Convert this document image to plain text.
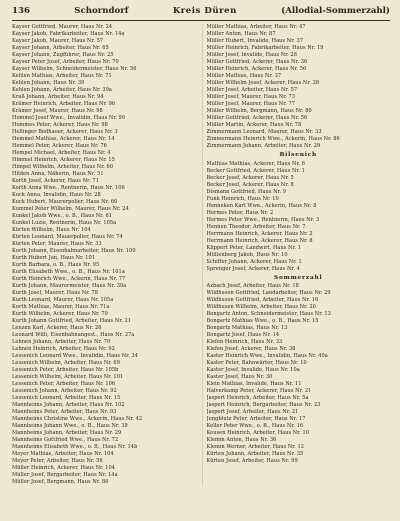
136	Schorndorf	Kreis Düren	(Allodial-Sommerzahl)
Kayser Gottfried, Maurer, Haus Nr. 24
Kayser Jakob, Fabrikarbeiter, Haus Nr. 14a
Kayser Jakob, Maurer, Haus Nr. 57
Kayser Johann, Arbeiter, Haus Nr. 65
Kayser Johann, Zugführer, Haus Nr. 25
Kayser Peter Josef, Arbeiter, Haus Nr. 70
Kayser Wilhelm, Schneidermeister, Haus Nr. 56
Kehlen Mathias, Arbeiter, Haus Nr. 71
Kehlen Johann, Haus Nr. 39
Kehlen Johann, Arbeiter, Haus Nr. 39a
Kraß Johann, Arbeiter, Haus Nr. 94
Krämer Heinrich, Arbeiter, Haus Nr. 96
Krämer Josef, Maurer, Haus Nr. 98
Hommel Josef Wwe., Invalidin, Haus Nr. 90
Hommes Peter, Ackerer, Haus Nr. 98
Hellinger Bedhauer, Ackerer, Haus Nr. 3
Hemmel Mathias, Ackerer, Haus Nr. 14
Hemmel Peter, Ackerer, Haus Nr. 76
Hempel Michael, Arbeiter, Haus Nr. 4
Himmel Heinrich, Ackerer, Haus Nr. 15
Himpel Wilhelm, Arbeiter, Haus Nr. 60
Hilden Anna, Näherin, Haus Nr. 51
Korth Josef, Ackerer, Haus Nr. 71
Korth Anna Wwe., Rentnerin, Haus Nr. 106
Kuck Anna, Invalidin, Haus Nr. 28
Kuck Hubert, Maurerpolier, Haus Nr. 60
Kummel Peter Wilhelm, Maurer, Haus Nr. 24
Kunkel Jakob Wwe., o. B., Haus Nr. 61
Kunkel Luzie, Rentnerin, Haus Nr. 105a
Kürten Wilhelm, Haus Nr. 104
Kürten Leonard, Mauerpolier, Haus Nr. 74
Kürten Peter, Maurer, Haus Nr. 33
Kurth Johann, Eisenbahnarbeiter, Haus Nr. 100
Kurth Hubert Jan, Haus Nr. 101
Kurth Barbara, o. B., Haus Nr. 95
Kurth Elisabeth Wwe., o. B., Haus Nr. 101a
Kurth Heinrich Wwe., Ackerin, Haus Nr. 77
Kurth Johann, Maurermeister, Haus Nr. 39a
Kurth Josef, Maurer, Haus Nr. 78
Kurth Leonard, Maurer, Haus Nr. 105a
Kurth Mathias, Maurer, Haus Nr. 71a
Kurth Wilhelm, Ackerer, Haus Nr. 79
Kurth Johann Gottfried, Arbeiter, Haus Nr. 21
Lenzen Karl, Ackerer, Haus Nr. 26
Leonard Willi, Eisenbahnangest., Haus Nr. 27a
Lehnen Johann, Arbeiter, Haus Nr. 70
Lehnen Heinrich, Arbeiter, Haus Nr. 92
Lessenich Leonard Wwe., Invalidin, Haus Nr. 34
Lessenich Wilhelm, Arbeiter, Haus Nr. 69
Lessenich Peter, Arbeiter, Haus Nr. 105b
Lessenich Wilhelm, Arbeiter, Haus Nr. 101
Lessenich Peter, Arbeiter, Haus Nr. 106
Lessenich Johann, Arbeiter, Haus Nr. 92
Lessenich Leonard, Arbeiter, Haus Nr. 15
Mannheims Johann, Arbeiter, Haus Nr. 102
Mannheims Peter, Arbeiter, Haus Nr. 93
Mannheims Christine Wwe., Ackerin, Haus Nr. 42
Mannheims Johann Wwe., o. B., Haus Nr. 39
Mannheims Johann, Arbeiter, Haus Nr. 29
Mannheims Gottfried Wwe., Haus Nr. 72
Mannheims Elisabeth Wwe., o. B., Haus Nr. 14b
Meyer Mathias, Arbeiter, Haus Nr. 104
Meyer Peter, Arbeiter, Haus Nr. 56
Müller Heinrich, Ackerer, Haus Nr. 104
Müller Josef, Bergarbeiter, Haus Nr. 14a
Müller Josef, Bergmann, Haus Nr. 80
Müller Mathias, Arbeiter, Haus Nr. 47
Müller Anton, Haus Nr. 87
Müller Hubert, Invalide, Haus Nr. 37
Müller Heinrich, Fabrikarbeiter, Haus Nr. 19
Müller Josef, Invalide, Haus Nr. 28
Müller Gottfried, Ackerer, Haus Nr. 36
Müller Heinrich, Ackerer, Haus Nr. 56
Müller Mathias, Haus Nr. 37
Müller Wilhelm Josef, Ackerer, Haus Nr. 28
Müller Josef, Arbeiter, Haus Nr. 57
Müller Josef, Maurer, Haus Nr. 73
Müller Josef, Maurer, Haus Nr. 77
Müller Wilhelm, Bergmann, Haus Nr. 80
Müller Gottfried, Ackerer, Haus Nr. 56
Müller Martin, Ackerer, Haus Nr. 78
Zimmermann Leonard, Maurer, Haus Nr. 33
Zimmermann Heinrich Wwe., Ackerin, Haus Nr. 86
Zimmermann Johann, Arbeiter, Haus Nr. 29
Bilsenich
Mathias Mathias, Ackerer, Haus Nr. 6
Becker Gottfried, Ackerer, Haus Nr. 1
Becker Josef, Ackerer, Haus Nr. 5
Becker Josef, Ackerer, Haus Nr. 8
Dismann Gottfried, Haus Nr. 9
Funk Heinrich, Haus Nr. 10
Henneken Karl Wwe., Ackerin, Haus Nr. 8
Hermes Peter, Haus Nr. 2
Hermes Peter Wwe., Rentnerin, Haus Nr. 3
Hennen Theodor, Arbeiter, Haus Nr. 7
Herrmann Heinrich, Ackerer, Haus Nr. 2
Herrmann Heinrich, Ackerer, Haus Nr. 8
Klippert Peter, Landwirt, Haus Nr. 1
Müllenberg Jakob, Haus Nr. 10
Schiffer Johann, Ackerer, Haus Nr. 1
Sprenger Josef, Ackerer, Haus Nr. 4
Sommerzahl
Axbach Josef, Arbeiter, Haus Nr. 18
Wildhusen Gottfried, Landarbeiter, Haus Nr. 29
Wildhusen Gottfried, Arbeiter, Haus Nr. 16
Wildhusen Wilhelm, Arbeiter, Haus Nr. 20
Bongartz Anton, Schneidermeister, Haus Nr. 13
Bongartz Mathias Wwe., o. B., Haus Nr. 15
Bongartz Mathias, Haus Nr. 13
Bongartz Josef, Haus Nr. 14
Klefen Heinrich, Haus Nr. 33
Klefen Josef, Ackerer, Haus Nr. 38
Kaster Heinrich Wwe., Invalidin, Haus Nr. 40a
Kaster Peter, Bahnwärter, Haus Nr. 10
Kaster Josef, Invalide, Haus Nr. 10a
Kaster Josef, Haus Nr. 30
Klein Mathias, Invalide, Haus Nr. 11
Halverkamp Peter, Ackerer, Haus Nr. 21
Jaspert Heinrich, Arbeiter, Haus Nr. 5a
Jaspert Heinrich, Bergarbeiter, Haus Nr. 23
Jaspert Josef, Arbeiter, Haus Nr. 21
Jungblutz Peter, Arbeiter, Haus Nr. 17
Keller Peter Wwe., o. B., Haus Nr. 16
Keusen Heinrich, Arbeiter, Haus Nr. 10
Klemm Anton, Haus Nr. 36
Klemm Werner, Arbeiter, Haus Nr. 12
Kürten Johann, Arbeiter, Haus Nr. 35
Kürten Josef, Arbeiter, Haus Nr. 99
